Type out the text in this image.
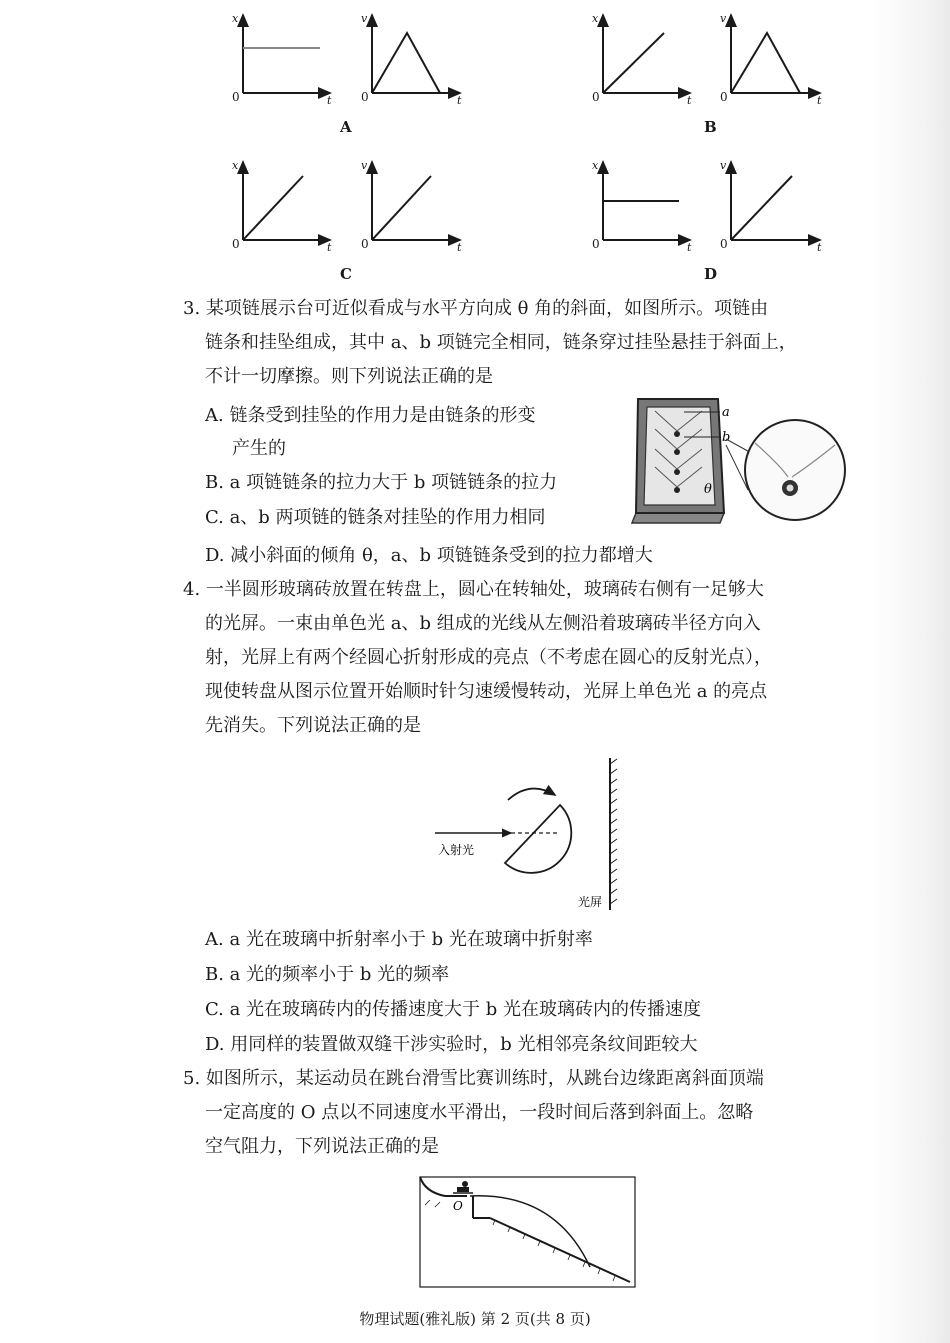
x	v	x	v
x	v	x	v
t	t	t	t
t	t	t	t
0	0	0	0
0	0	0	0
A	B
C	D
3. 某项链展示台可近似看成与水平方向成 θ 角的斜面，如图所示。项链由
链条和挂坠组成，其中 a、b 项链完全相同，链条穿过挂坠悬挂于斜面上，
不计一切摩擦。则下列说法正确的是
A. 链条受到挂坠的作用力是由链条的形变
产生的
B. a 项链链条的拉力大于 b 项链链条的拉力
C. a、b 两项链的链条对挂坠的作用力相同
D. 减小斜面的倾角 θ，a、b 项链链条受到的拉力都增大
a
b
θ
4. 一半圆形玻璃砖放置在转盘上，圆心在转轴处，玻璃砖右侧有一足够大
的光屏。一束由单色光 a、b 组成的光线从左侧沿着玻璃砖半径方向入
射，光屏上有两个经圆心折射形成的亮点（不考虑在圆心的反射光点），
现使转盘从图示位置开始顺时针匀速缓慢转动，光屏上单色光 a 的亮点
先消失。下列说法正确的是
光屏
入射光
A. a 光在玻璃中折射率小于 b 光在玻璃中折射率
B. a 光的频率小于 b 光的频率
C. a 光在玻璃砖内的传播速度大于 b 光在玻璃砖内的传播速度
D. 用同样的装置做双缝干涉实验时，b 光相邻亮条纹间距较大
5. 如图所示，某运动员在跳台滑雪比赛训练时，从跳台边缘距离斜面顶端
一定高度的 O 点以不同速度水平滑出，一段时间后落到斜面上。忽略
空气阻力，下列说法正确的是
O
物理试题(雅礼版) 第 2 页(共 8 页)
